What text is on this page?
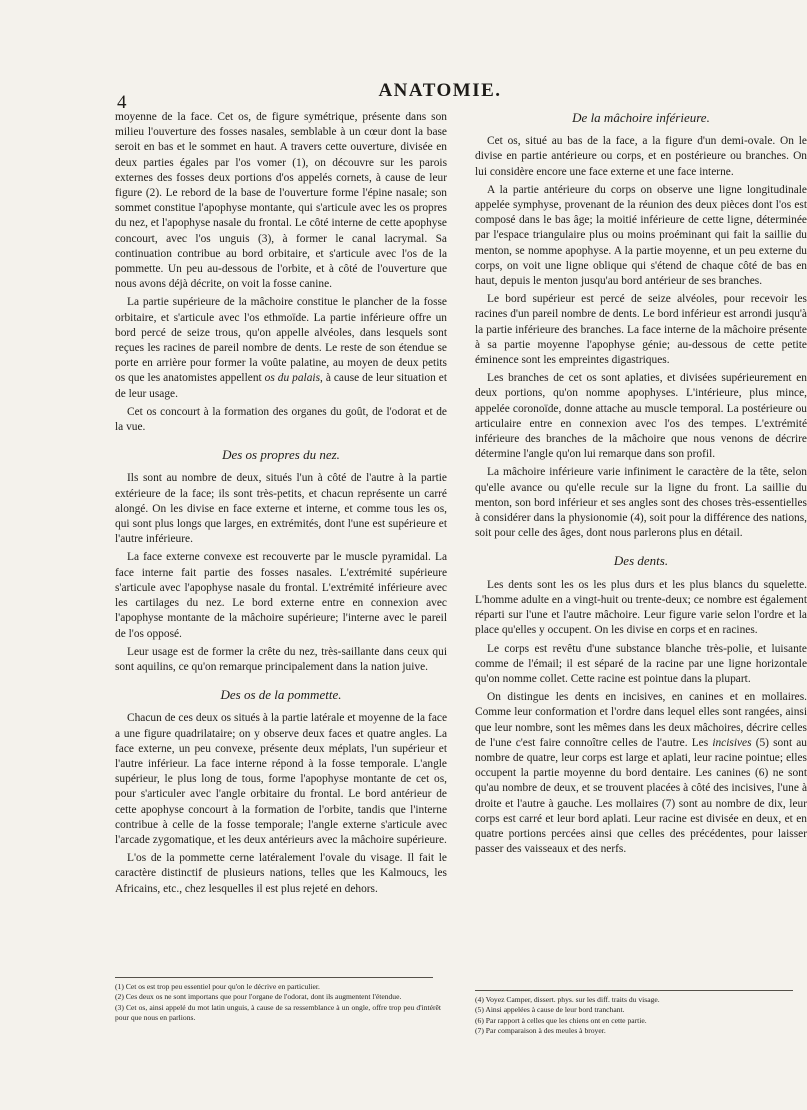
4
ANATOMIE.

moyenne de la face. Cet os, de figure symétrique, présente dans son milieu l'ouverture des fosses nasales, semblable à un cœur dont la base seroit en bas et le sommet en haut. A travers cette ouverture, divisée en deux parties égales par l'os vomer (1), on découvre sur les parois externes des fosses deux portions d'os appelés cornets, à cause de leur figure (2). Le rebord de la base de l'ouverture forme l'épine nasale; son sommet constitue l'apophyse montante, qui s'articule avec les os propres du nez, et l'apophyse nasale du frontal. Le côté interne de cette apophyse concourt, avec l'os unguis (3), à former le canal lacrymal. Sa continuation contribue au bord orbitaire, et s'articule avec l'os de la pommette. Un peu au-dessous de l'orbite, et à côté de l'ouverture que nous avons déjà décrite, on voit la fosse canine.

La partie supérieure de la mâchoire constitue le plancher de la fosse orbitaire, et s'articule avec l'os ethmoïde. La partie inférieure offre un bord percé de seize trous, qu'on appelle alvéoles, dans lesquels sont reçues les racines de pareil nombre de dents. Le reste de son étendue se porte en arrière pour former la voûte palatine, au moyen de deux petits os que les anatomistes appellent os du palais, à cause de leur situation et de leur usage.

Cet os concourt à la formation des organes du goût, de l'odorat et de la vue.

Des os propres du nez.

Ils sont au nombre de deux, situés l'un à côté de l'autre à la partie extérieure de la face; ils sont très-petits, et chacun représente un carré alongé. On les divise en face externe et interne, et comme tous les os, qui sont plus longs que larges, en extrémités, dont l'une est supérieure et l'autre inférieure.

La face externe convexe est recouverte par le muscle pyramidal. La face interne fait partie des fosses nasales. L'extrémité supérieure s'articule avec l'apophyse nasale du frontal. L'extrémité inférieure avec les cartilages du nez. Le bord externe entre en connexion avec l'apophyse montante de la mâchoire supérieure; l'interne avec le pareil de l'os opposé.

Leur usage est de former la crête du nez, très-saillante dans ceux qui sont aquilins, ce qu'on remarque principalement dans la nation juive.

Des os de la pommette.

Chacun de ces deux os situés à la partie latérale et moyenne de la face a une figure quadrilataire; on y observe deux faces et quatre angles. La face externe, un peu convexe, présente deux méplats, l'un supérieur et l'autre inférieur. La face interne répond à la fosse temporale. L'angle supérieur, le plus long de tous, forme l'apophyse montante de cet os, pour s'articuler avec l'angle orbitaire du frontal. Le bord antérieur de cette apophyse concourt à la formation de l'orbite, tandis que l'interne contribue à celle de la fosse temporale; l'angle externe s'articule avec l'arcade zygomatique, et les deux antérieurs avec la mâchoire supérieure.

L'os de la pommette cerne latéralement l'ovale du visage. Il fait le caractère distinctif de plusieurs nations, telles que les Kalmoucs, les Africains, etc., chez lesquelles il est plus rejeté en dehors.

De la mâchoire inférieure.

Cet os, situé au bas de la face, a la figure d'un demi-ovale. On le divise en partie antérieure ou corps, et en postérieure ou branches. On lui considère encore une face externe et une face interne.

A la partie antérieure du corps on observe une ligne longitudinale appelée symphyse, provenant de la réunion des deux pièces dont l'os est composé dans le bas âge; la moitié inférieure de cette ligne, déterminée par l'espace triangulaire plus ou moins proéminant qui fait la saillie du menton, se nomme apophyse. A la partie moyenne, et un peu externe du corps, on voit une ligne oblique qui s'étend de chaque côté de bas en haut, depuis le menton jusqu'au bord antérieur de ses branches.

Le bord supérieur est percé de seize alvéoles, pour recevoir les racines d'un pareil nombre de dents. Le bord inférieur est arrondi jusqu'à la partie inférieure des branches. La face interne de la mâchoire présente à sa partie moyenne l'apophyse génie; au-dessous de cette petite éminence sont les empreintes digastriques.

Les branches de cet os sont aplaties, et divisées supérieurement en deux portions, qu'on nomme apophyses. L'intérieure, plus mince, appelée coronoïde, donne attache au muscle temporal. La postérieure ou articulaire entre en connexion avec l'os des tempes. L'extrémité inférieure des branches de la mâchoire que nous venons de décrire détermine l'angle qu'on lui remarque dans son profil.

La mâchoire inférieure varie infiniment le caractère de la tête, selon qu'elle avance ou qu'elle recule sur la ligne du front. La saillie du menton, son bord inférieur et ses angles sont des choses très-essentielles à considérer dans la physionomie (4), soit pour la différence des nations, soit pour celle des âges, dont nous parlerons plus en détail.

Des dents.

Les dents sont les os les plus durs et les plus blancs du squelette. L'homme adulte en a vingt-huit ou trente-deux; ce nombre est également réparti sur l'une et l'autre mâchoire. Leur figure varie selon l'ordre et la place qu'elles y occupent. On les divise en corps et en racines.

Le corps est revêtu d'une substance blanche très-polie, et luisante comme de l'émail; il est séparé de la racine par une ligne horizontale qu'on nomme collet. Cette racine est pointue dans la plupart.

On distingue les dents en incisives, en canines et en mollaires. Comme leur conformation et l'ordre dans lequel elles sont rangées, ainsi que leur nombre, sont les mêmes dans les deux mâchoires, décrire celles de l'une c'est faire connoître celles de l'autre. Les incisives (5) sont au nombre de quatre, leur corps est large et aplati, leur racine pointue; elles occupent la partie moyenne du bord dentaire. Les canines (6) ne sont qu'au nombre de deux, et se trouvent placées à côté des incisives, l'une à droite et l'autre à gauche. Les mollaires (7) sont au nombre de dix, leur corps est carré et leur bord aplati. Leur racine est divisée en deux, et en quatre portions percées ainsi que celles des précédentes, pour laisser passer des vaisseaux et des nerfs.

(1) Cet os est trop peu essentiel pour qu'on le décrive en particulier.
(2) Ces deux os ne sont importans que pour l'organe de l'odorat, dont ils augmentent l'étendue.
(3) Cet os, ainsi appelé du mot latin unguis, à cause de sa ressemblance à un ongle, offre trop peu d'intérêt pour que nous en parlions.
(4) Voyez Camper, dissert. phys. sur les diff. traits du visage.
(5) Ainsi appelées à cause de leur bord tranchant.
(6) Par rapport à celles que les chiens ont en cette partie.
(7) Par comparaison à des meules à broyer.
